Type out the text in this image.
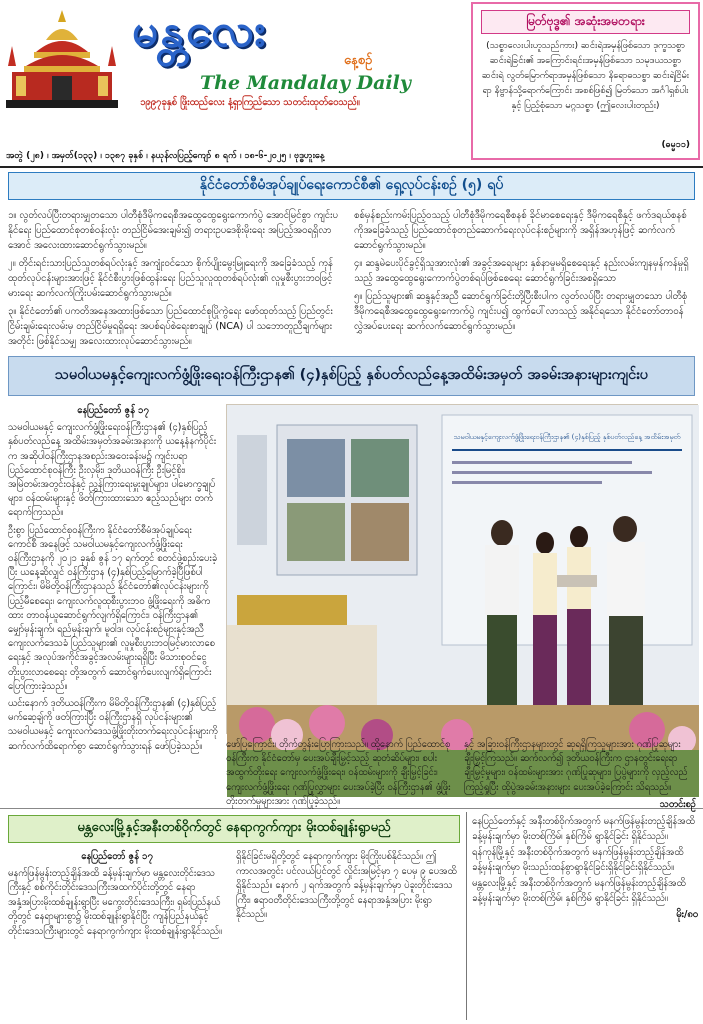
မန္တလေး
နေ့စဉ်
The Mandalay Daily
၁၉၉၇ခုနှစ် ဖြိုးထည်လေး နံ့ရှာကြည်သော သတင်းထုတ်ဝေသည်။
မြတ်ဗုဒ္ဓ၏ အဆုံးအမတရား
(သစ္စာလေးပါးဟူသည်ကား) ဆင်းရဲအမှန်ဖြစ်သော ဒုက္ခသစ္စာ ဆင်းရဲခြင်း၏ အကြောင်းရင်းအမှန်ဖြစ်သော သမုဒယသစ္စာ ဆင်းရဲ လွတ်မြောက်ရာအမှန်ဖြစ်သော နိရောဓသစ္စာ ဆင်းရဲငြိမ်းရာ နိဗ္ဗာန်သို့ရောက်ကြောင်း အစစ်ဖြစ်၍ မြတ်သော အင်္ဂါရှစ်ပါးနှင့် ပြည့်စုံသော မဂ္ဂသစ္စာ (ဤလေးပါးတည်း)
(ဓမ္မ၁၁)
အတွဲ (၂၈) ၊ အမှတ်(၁၃၃) ၊ ၁၃၈၇ ခုနှစ် ၊ နယုန်လပြည့်ကျော် ၈ ရက် ၊ ၁၈-၆-၂၀၂၅ ၊ ဗုဒ္ဓဟူးနေ့
နိုင်ငံတော်စီမံအုပ်ချုပ်ရေးကောင်စီ၏ ရှေ့လုပ်ငန်းစဉ် (၅) ရပ်

၁။ လွတ်လပ်ပြီးတရားမျှတသော ပါတီစုံဒီမိုကရေစီအထွေထွေရွေးကောက်ပွဲ အောင်မြင်စွာ ကျင်းပနိုင်ရေး ပြည်ထောင်စုတစ်ဝန်းလုံး တည်ငြိမ်အေးချမ်း၍ တရားဥပဒေစိုးမိုးရေး အပြည့်အဝရရှိလာအောင် အလေးထားဆောင်ရွက်သွားမည်။

၂။ တိုင်းရင်းသားပြည်သူတစ်ရပ်လုံးနှင့် အကျုံးဝင်သော စိုက်ပျိုးမွေးမြူရေးကို အခြေခံသည့် ကုန်ထုတ်လုပ်ငန်းများအားဖြင့် နိုင်ငံစီးပွားဖြစ်ထွန်းရေး ပြည်သူလူထုတစ်ရပ်လုံး၏ လူမှုစီးပွားဘဝဖြင့်မားရေး ဆက်လက်ကြိုးပမ်းဆောင်ရွက်သွားမည်။

၃။ နိုင်ငံတော်၏ ပကတိအနေအထားဖြစ်သော ပြည်ထောင်စုပြိုကွဲရေး ဖော်ထုတ်သည့် ပြည်တွင်းငြိမ်းချမ်းရေးလမ်းမှ တည်ငြိမ်မှုရရှိရေး အပစ်ရပ်စဲရေးစာချုပ် (NCA) ပါ သဘောတူညီချက်များ အတိုင်း ဖြစ်နိုင်သမျှ အလေးထားလုပ်ဆောင်သွားမည်။

စစ်မှန်စည်းကမ်းပြည့်ဝသည့် ပါတီစုံဒီမိုကရေစီစနစ် ခိုင်မာစေရေးနှင့် ဒီမိုကရေစီနှင့် ဖက်ဒရယ်စနစ်ကိုအခြေခံသည့် ပြည်ထောင်စုတည်ဆောက်ရေးလုပ်ငန်းစဉ်များကို အရှိန်အဟုန်ဖြင့် ဆက်လက်ဆောင်ရွက်သွားမည်။

၄။ ဆန္ဒမဲပေးပိုင်ခွင့်ရှိသူအားလုံး၏ အခွင့်အရေးများ နှစ်နာမှုမရှိစေရေးနှင့် နည်းလမ်းကျနမှန်ကန်မှုရှိသည့် အထွေထွေရွေးကောက်ပွဲတစ်ရပ်ဖြစ်စေရေး ဆောင်ရွက်ခြင်းအစရှိသော

၅။ ပြည်သူများ၏ ဆန္ဒနှင့်အညီ ဆောင်ရွက်ခြင်းတို့ပြီးစီးပါက လွတ်လပ်ပြီး တရားမျှတသော ပါတီစုံဒီမိုကရေစီအထွေထွေရွေးကောက်ပွဲ ကျင်းပ၍ ထွက်ပေါ်လာသည့် အနိုင်ရသော နိုင်ငံတော်တာဝန်လွှဲအပ်ပေးရေး ဆက်လက်ဆောင်ရွက်သွားမည်။

သမဝါယမနှင့်ကျေးလက်ဖွံ့ဖြိုးရေးဝန်ကြီးဌာန၏ (၄)နှစ်ပြည့် နှစ်ပတ်လည်နေ့အထိမ်းအမှတ် အခမ်းအနားများကျင်းပ

နေပြည်တော် ဇွန် ၁၇

သမဝါယမနှင့် ကျေးလက်ဖွံ့ဖြိုးရေးဝန်ကြီးဌာန၏ (၄)နှစ်ပြည့် နှစ်ပတ်လည်နေ့ အထိမ်းအမှတ်အခမ်းအနားကို ယနေ့နံနက်ပိုင်းက အဆိုပါဝန်ကြီးဌာနအစည်းအဝေးခန်းမ၌ ကျင်းပရာ ပြည်ထောင်စုဝန်ကြီး ဦးလှမိုး၊ ဒုတိယဝန်ကြီး ဦးမြင့်စိုး၊ အမြဲတမ်းအတွင်းဝန်နှင့် ညွှန်ကြားရေးမှူးချုပ်များ၊ ပါမောက္ခချုပ်များ၊ ဝန်ထမ်းများနှင့် ဖိတ်ကြားထားသော ဧည့်သည်များ တက်ရောက်ကြသည်။

ဦးစွာ ပြည်ထောင်စုဝန်ကြီးက နိုင်ငံတော်စီမံအုပ်ချုပ်ရေးကောင်စီ အနေဖြင့် သမဝါယမနှင့်ကျေးလက်ဖွံ့ဖြိုးရေးဝန်ကြီးဌာနကို ၂၀၂၁ ခုနှစ် ဇွန် ၁၇ ရက်တွင် စတင်ဖွဲ့စည်းပေးခဲ့ပြီး ယနေ့ဆိုလျှင် ဝန်ကြီးဌာန (၄)နှစ်ပြည့်မြောက်ခဲ့ပြီဖြစ်ပါကြောင်း၊ မိမိတို့ဝန်ကြီးဌာနသည် နိုင်ငံတော်၏လုပ်ငန်းများကို ပြည့်မီစေရေး၊ ကျေးလက်လူထုစီးပွားဘဝ ဖွံ့ဖြိုးရေးကို အဓိကထား တာဝန်ယူဆောင်ရွက်လျက်ရှိကြောင်း၊ ဝန်ကြီးဌာန၏ မျှော်မှန်းချက်၊ ရည်မှန်းချက်၊ မူဝါဒ၊ လုပ်ငန်းစဉ်များနှင့်အညီ ကျေးလက်ဒေသခံ ပြည်သူများ၏ လူမှုစီးပွားဘဝမြင့်မားလာစေရေးနှင့် အလုပ်အကိုင်အခွင့်အလမ်းများရရှိပြီး မိသားစုဝင်ငွေတိုးပွားလာစေရေး တို့အတွက် ဆောင်ရွက်ပေးလျက်ရှိကြောင်း ပြောကြားခဲ့သည်။

ယင်းနောက် ဒုတိယဝန်ကြီးက မိမိတို့ဝန်ကြီးဌာန၏ (၄)နှစ်ပြည့် မက်ဆေ့ချ်ကို ဖတ်ကြားပြီး ဝန်ကြီးဌာနရှိ လုပ်ငန်းများ၏ သမဝါယမနှင့် ကျေးလက်ဒေသဖွံ့ဖြိုးတိုးတက်ရေးလုပ်ငန်းများကို ဆက်လက်ထိရောက်စွာ ဆောင်ရွက်သွားရန် ဖော်ပြခဲ့သည်။

သမဝါယမနှင့်ကျေးလက်ဖွံ့ဖြိုးရေးဝန်ကြီးဌာန၏ (၄)နှစ်ပြည့် နှစ်ပတ်လည်နေ့ အထိမ်းအမှတ်
မန္တလေးမြို့နှင့်အနီးတစ်ဝိုက်တွင် နေရာကွက်ကျား မိုးထစ်ချုန်းရွာမည်

နေပြည်တော် ဇွန် ၁၇

မနက်ဖြန်မွန်းတည့်ချိန်အထိ ခန့်မှန်းချက်မှာ မန္တလေးတိုင်းဒေသကြီးနှင့် စစ်ကိုင်းတိုင်းဒေသကြီးအထက်ပိုင်းတို့တွင် နေရာအနှံ့အပြားမိုးထစ်ချုန်းရွာပြီး မကွေးတိုင်းဒေသကြီး၊ ရှမ်းပြည်နယ်တို့တွင် နေရာများစွာ၌ မိုးထစ်ချုန်းရွာနိုင်ပြီး ကျန်ပြည်နယ်နှင့် တိုင်းဒေသကြီးများတွင် နေရာကွက်ကျား မိုးထစ်ချုန်းရွာနိုင်သည်။

ရှိနိုင်ခြင်းမရှိတို့တွင် နေရာကွက်ကျား မိုးကြိုးပစ်နိုင်သည်။ ဤကာလအတွင်း ပင်လယ်ပြင်တွင် လှိုင်းအမြင့်မှာ ၇ ပေမှ ၉ ပေအထိ ရှိနိုင်သည်။ နောက် ၂ ရက်အတွက် ခန့်မှန်းချက်မှာ ပဲခူးတိုင်းဒေသကြီး၊ ဧရာဝတီတိုင်းဒေသကြီးတို့တွင် နေရာအနှံ့အပြား မိုးရွာနိုင်သည်။

နေပြည်တော်နှင့် အနီးတစ်ဝိုက်အတွက် မနက်ဖြန်မွန်းတည့်ချိန်အထိ ခန့်မှန်းချက်မှာ မိုးတစ်ကြိမ်၊ နှစ်ကြိမ် ရွာနိုင်ခြင်း ရှိနိုင်သည်။

ရန်ကုန်မြို့နှင့် အနီးတစ်ဝိုက်အတွက် မနက်ဖြန်မွန်းတည့်ချိန်အထိ ခန့်မှန်းချက်မှာ မိုးသည်းထန်စွာရွာနိုင်ခြင်းရှိနိုင်ခြင်းရှိနိုင်သည်။

မန္တလေးမြို့နှင့် အနီးတစ်ဝိုက်အတွက် မနက်ဖြန်မွန်းတည့်ချိန်အထိ ခန့်မှန်းချက်မှာ မိုးတစ်ကြိမ်၊ နှစ်ကြိမ် ရွာနိုင်ခြင်း ရှိနိုင်သည်။

မိုး/၈၀

ဖော်ပြကြောင်း၊ တိုက်တွန်းပြောကြားသည်။ ထို့နောက် ပြည်ထောင်စုဝန်ကြီးက နိုင်ငံတော်မှ ပေးအပ်ချီးမြှင့်သည့် ဆုတံဆိပ်များ၊ စပါးအထွက်တိုးရေး ကျေးလက်ဖွံ့ဖြိုးရေး၊ ဝန်ထမ်းများကို ချီးမြှင့်ခြင်း၊ ကျေးလက်ဖွံ့ဖြိုးရေး ဂုဏ်ပြုလွှာများ ပေးအပ်ခဲ့ပြီး ဝန်ကြီးဌာန၏ ဖွံ့ဖြိုးတိုးတက်မှုများအား ဂုဏ်ပြုခဲ့သည်။

နှင့် အခြားဝန်ကြီးဌာနများတွင် ဆုရရှိကြသူများအား ဂုဏ်ပြုဆုများ ချီးမြှင့်ကြသည်။ ဆက်လက်၍ ဒုတိယဝန်ကြီးက ဌာနတွင်းရေးရာချီးမြှင့်မှုများ၊ ဝန်ထမ်းများအား ဂုဏ်ပြုဆုများ၊ ပြပွဲများကို လှည့်လည်ကြည့်ရှုပြီး ထိုပွဲအခမ်းအနားများ ပေးအပ်ခဲ့ကြောင်း သိရသည်။

သတင်းစဉ်
